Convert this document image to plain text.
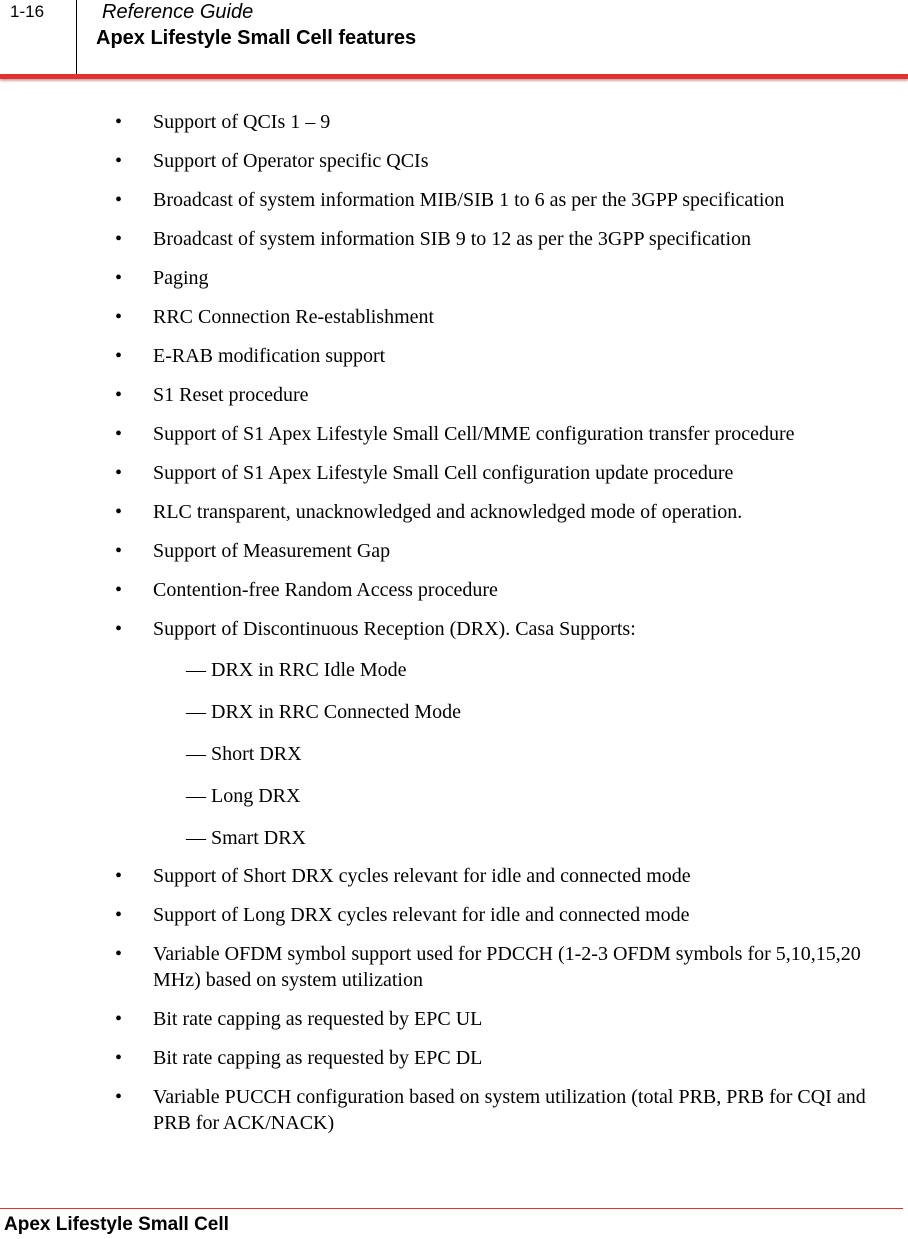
1-16	Reference Guide
Apex Lifestyle Small Cell features
• Support of QCIs 1 – 9
• Support of Operator specific QCIs
• Broadcast of system information MIB/SIB 1 to 6 as per the 3GPP specification
• Broadcast of system information SIB 9 to 12 as per the 3GPP specification
• Paging
• RRC Connection Re-establishment
• E-RAB modification support
• S1 Reset procedure
• Support of S1 Apex Lifestyle Small Cell/MME configuration transfer procedure
• Support of S1 Apex Lifestyle Small Cell configuration update procedure
• RLC transparent, unacknowledged and acknowledged mode of operation.
• Support of Measurement Gap
• Contention-free Random Access procedure
• Support of Discontinuous Reception (DRX). Casa Supports:
— DRX in RRC Idle Mode
— DRX in RRC Connected Mode
— Short DRX
— Long DRX
— Smart DRX
• Support of Short DRX cycles relevant for idle and connected mode
• Support of Long DRX cycles relevant for idle and connected mode
• Variable OFDM symbol support used for PDCCH (1-2-3 OFDM symbols for 5,10,15,20 MHz) based on system utilization
• Bit rate capping as requested by EPC UL
• Bit rate capping as requested by EPC DL
• Variable PUCCH configuration based on system utilization (total PRB, PRB for CQI and PRB for ACK/NACK)
Apex Lifestyle Small Cell
